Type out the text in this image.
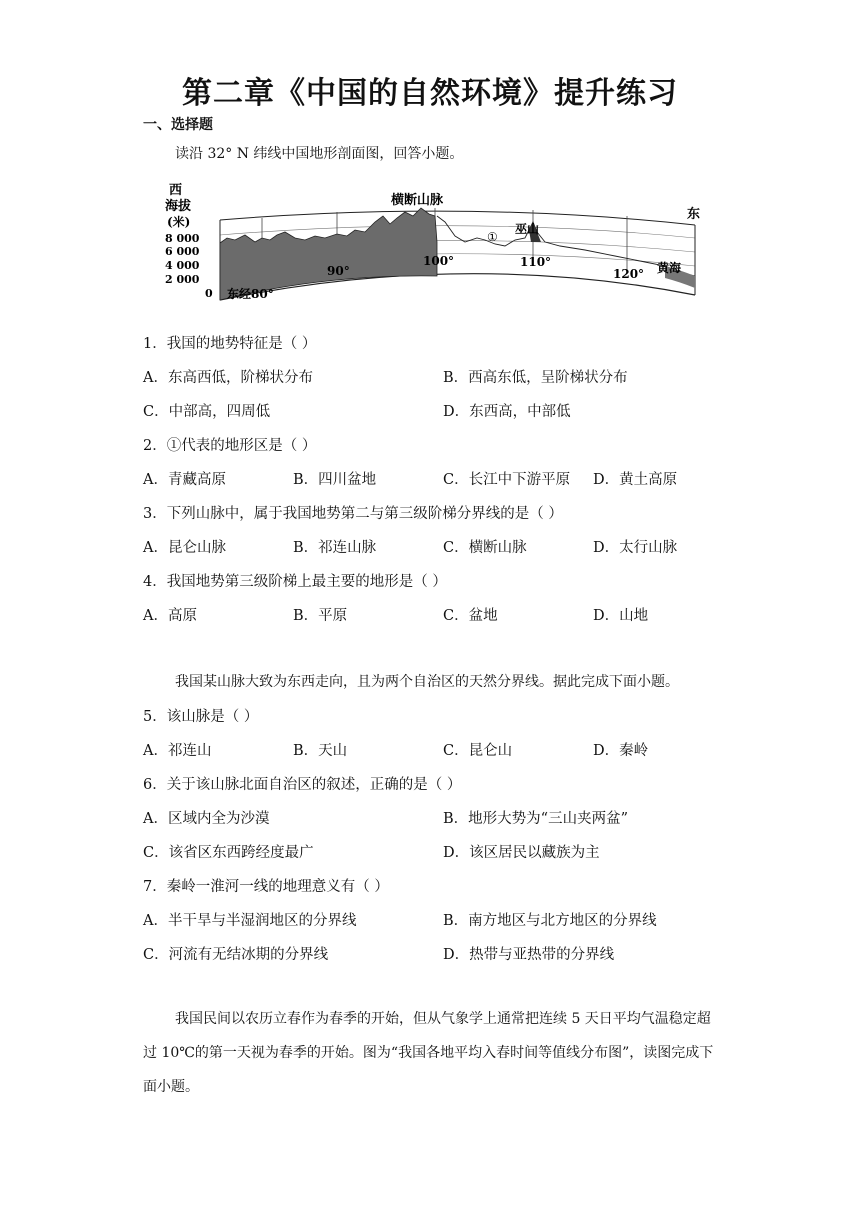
第二章《中国的自然环境》提升练习
一、选择题
读沿 32° N 纬线中国地形剖面图，回答小题。
西
海拔
(米)
8 000
6 000
4 000
2 000
0
东
东经80°
90°
100°	110°
120°
横断山脉
①
巫山
黄海
1．我国的地势特征是（ ）
A．东高西低，阶梯状分布	B．西高东低，呈阶梯状分布
C．中部高，四周低	D．东西高，中部低
2．①代表的地形区是（ ）
A．青藏高原	B．四川盆地	C．长江中下游平原 D．黄土高原
3．下列山脉中，属于我国地势第二与第三级阶梯分界线的是（ ）
A．昆仑山脉	B．祁连山脉	C．横断山脉	D．太行山脉
4．我国地势第三级阶梯上最主要的地形是（ ）
A．高原	B．平原	C．盆地	D．山地
我国某山脉大致为东西走向，且为两个自治区的天然分界线。据此完成下面小题。
5．该山脉是（ ）
A．祁连山	B．天山	C．昆仑山	D．秦岭
6．关于该山脉北面自治区的叙述，正确的是（ ）
A．区域内全为沙漠	B．地形大势为“三山夹两盆”
C．该省区东西跨经度最广	D．该区居民以藏族为主
7．秦岭一淮河一线的地理意义有（ ）
A．半干旱与半湿润地区的分界线	B．南方地区与北方地区的分界线
C．河流有无结冰期的分界线	D．热带与亚热带的分界线
我国民间以农历立春作为春季的开始，但从气象学上通常把连续 5 天日平均气温稳定超过 10℃的第一天视为春季的开始。图为“我国各地平均入春时间等值线分布图”，读图完成下面小题。
